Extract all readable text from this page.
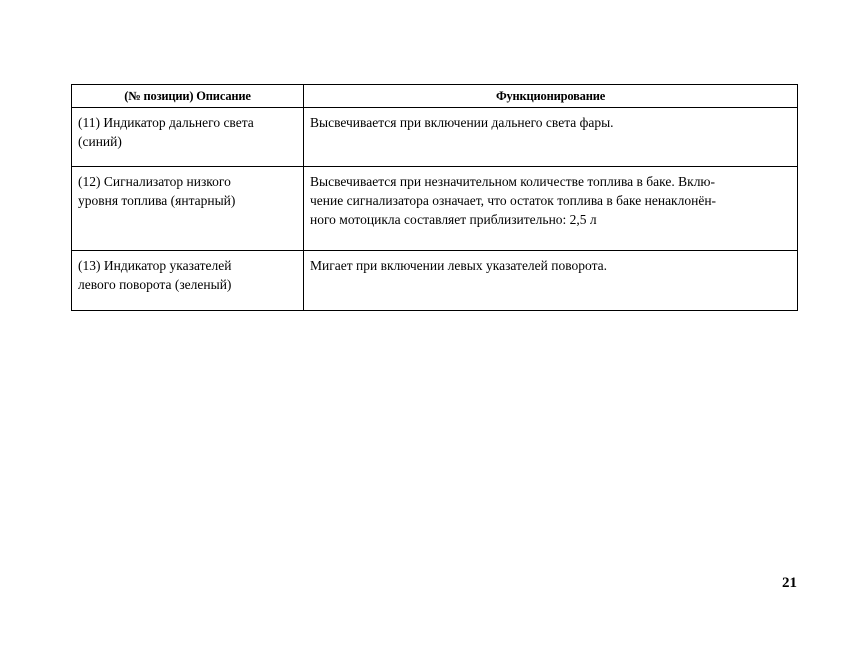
(№ позиции) Описание	Функционирование

(11) Индикатор дальнего света
(синий)	Высвечивается при включении дальнего света фары.

(12) Сигнализатор низкого
уровня топлива (янтарный)	Высвечивается при незначительном количестве топлива в баке. Вклю-
чение сигнализатора означает, что остаток топлива в баке ненаклонён-
ного мотоцикла составляет приблизительно: 2,5 л

(13) Индикатор указателей
левого поворота (зеленый)	Мигает при включении левых указателей поворота.
21
